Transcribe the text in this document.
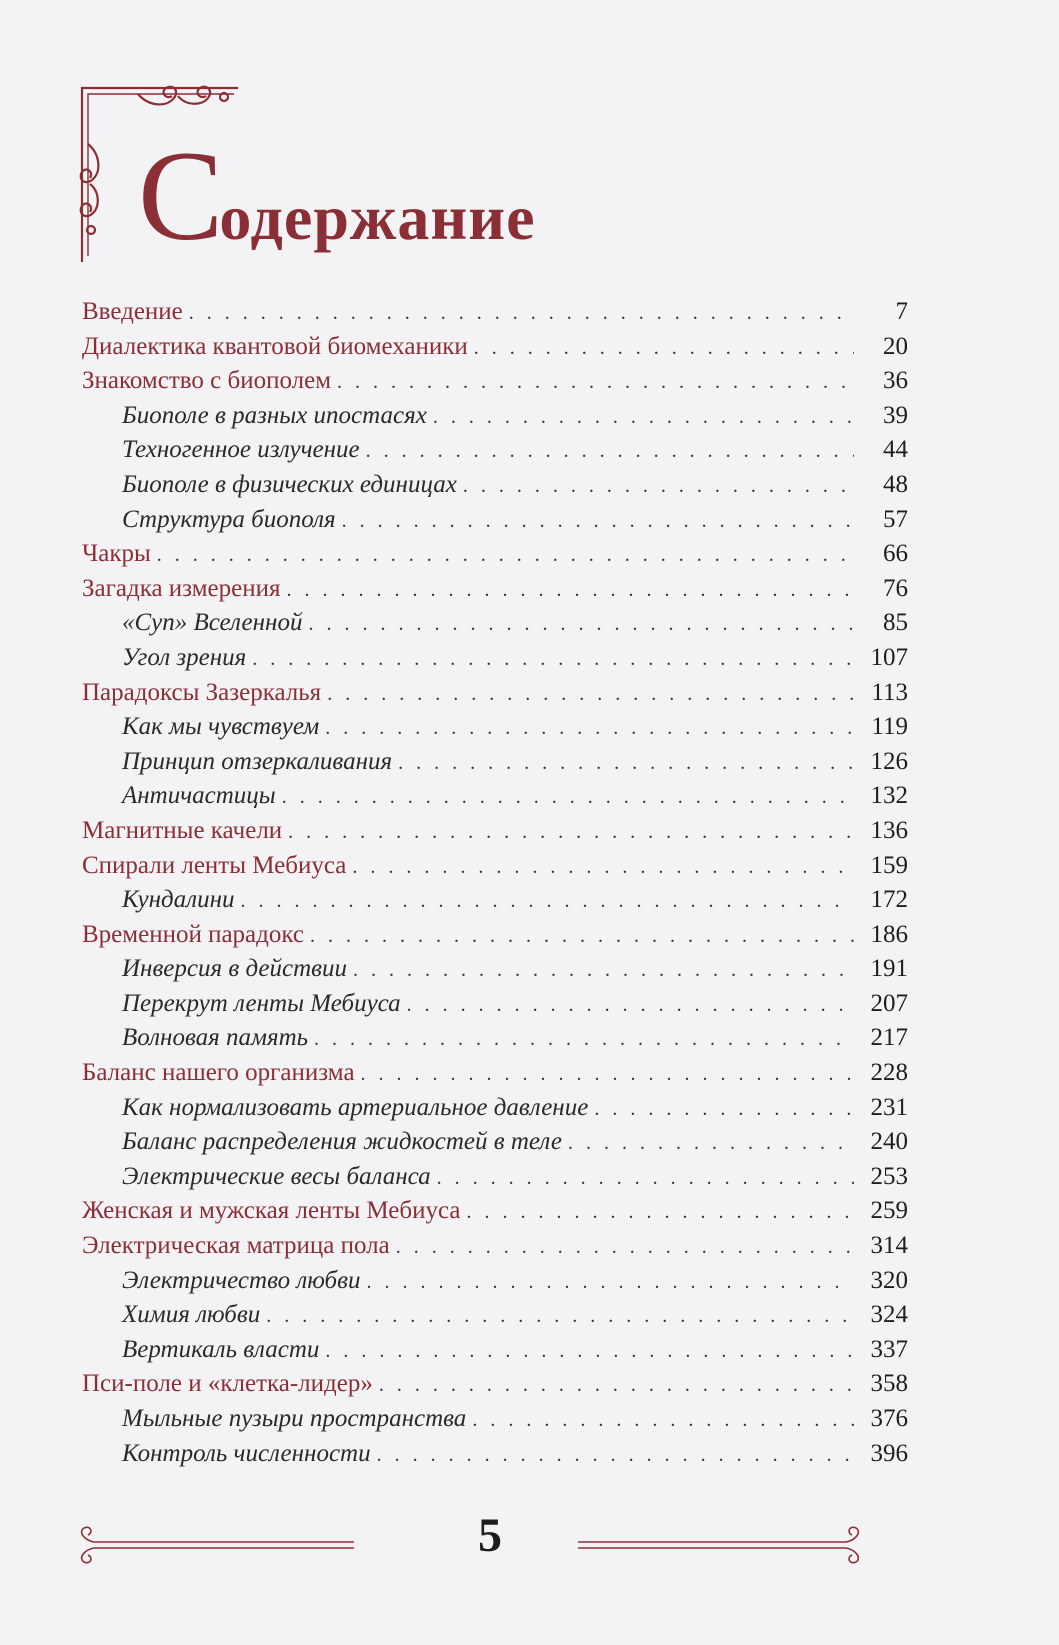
Содержание
Введение . . .	7
Диалектика квантовой биомеханики . . .	20
Знакомство с биополем . . .	36
Биополе в разных ипостасях . . .	39
Техногенное излучение . . .	44
Биополе в физических единицах . . .	48
Структура биополя . . .	57
Чакры . . .	66
Загадка измерения . . .	76
«Суп» Вселенной . . .	85
Угол зрения . . .	107
Парадоксы Зазеркалья . . .	113
Как мы чувствуем . . .	119
Принцип отзеркаливания . . .	126
Античастицы . . .	132
Магнитные качели . . .	136
Спирали ленты Мебиуса . . .	159
Кундалини . . .	172
Временной парадокс . . .	186
Инверсия в действии . . .	191
Перекрут ленты Мебиуса . . .	207
Волновая память . . .	217
Баланс нашего организма . . .	228
Как нормализовать артериальное давление . . .	231
Баланс распределения жидкостей в теле . . .	240
Электрические весы баланса . . .	253
Женская и мужская ленты Мебиуса . . .	259
Электрическая матрица пола . . .	314
Электричество любви . . .	320
Химия любви . . .	324
Вертикаль власти . . .	337
Пси-поле и «клетка-лидер» . . .	358
Мыльные пузыри пространства . . .	376
Контроль численности . . .	396
5
